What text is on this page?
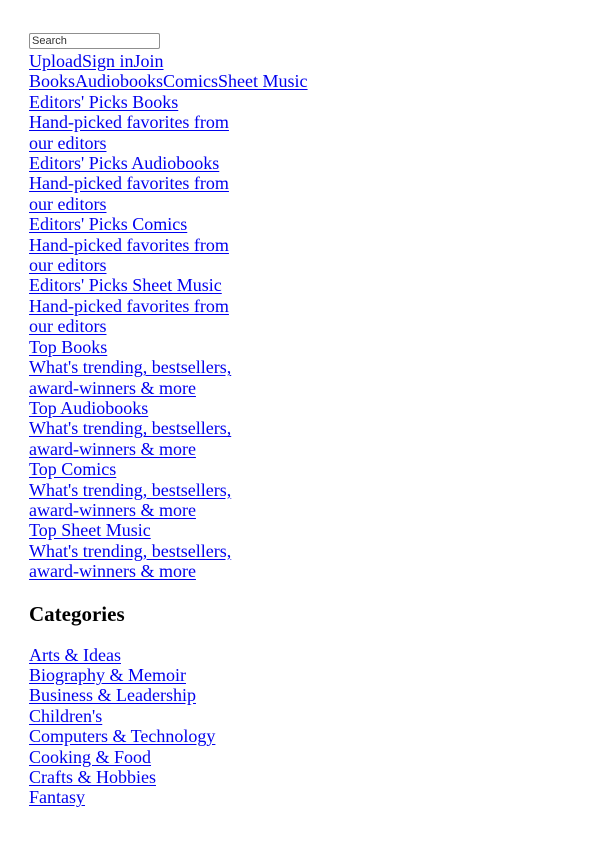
Search
UploadSign inJoin
BooksAudiobooksComicsSheet Music
Editors' Picks Books
Hand-picked favorites from our editors
Editors' Picks Audiobooks
Hand-picked favorites from our editors
Editors' Picks Comics
Hand-picked favorites from our editors
Editors' Picks Sheet Music
Hand-picked favorites from our editors
Top Books
What's trending, bestsellers, award-winners & more
Top Audiobooks
What's trending, bestsellers, award-winners & more
Top Comics
What's trending, bestsellers, award-winners & more
Top Sheet Music
What's trending, bestsellers, award-winners & more
Categories
Arts & Ideas
Biography & Memoir
Business & Leadership
Children's
Computers & Technology
Cooking & Food
Crafts & Hobbies
Fantasy
